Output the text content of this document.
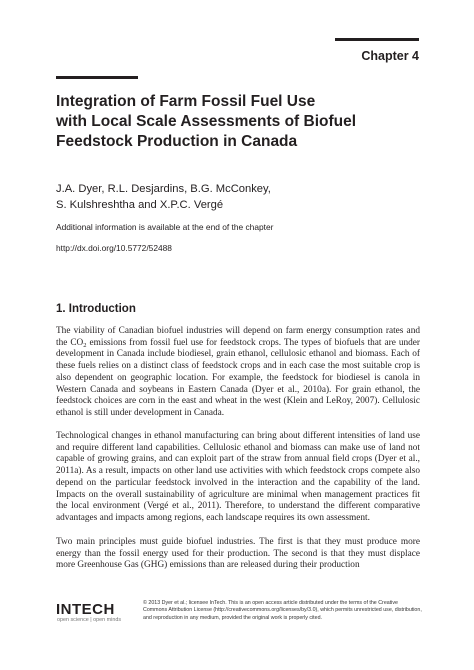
Chapter 4
Integration of Farm Fossil Fuel Use
with Local Scale Assessments of Biofuel
Feedstock Production in Canada
J.A. Dyer, R.L. Desjardins, B.G. McConkey,
S. Kulshreshtha and X.P.C. Vergé
Additional information is available at the end of the chapter
http://dx.doi.org/10.5772/52488
1. Introduction

The viability of Canadian biofuel industries will depend on farm energy consumption rates and the $CO_2$ emissions from fossil fuel use for feedstock crops. The types of biofuels that are under development in Canada include biodiesel, grain ethanol, cellulosic ethanol and biomass. Each of these fuels relies on a distinct class of feedstock crops and in each case the most suitable crop is also dependent on geographic location. For example, the feedstock for biodiesel is canola in Western Canada and soybeans in Eastern Canada (Dyer et al., 2010a). For grain ethanol, the feedstock choices are corn in the east and wheat in the west (Klein and LeRoy, 2007). Cellulosic ethanol is still under development in Canada.

Technological changes in ethanol manufacturing can bring about different intensities of land use and require different land capabilities. Cellulosic ethanol and biomass can make use of land not capable of growing grains, and can exploit part of the straw from annual field crops (Dyer et al., 2011a). As a result, impacts on other land use activities with which feedstock crops compete also depend on the particular feedstock involved in the interaction and the capability of the land. Impacts on the overall sustainability of agriculture are minimal when management practices fit the local environment (Vergé et al., 2011). Therefore, to understand the different comparative advantages and impacts among regions, each landscape requires its own assessment.

Two main principles must guide biofuel industries. The first is that they must produce more energy than the fossil energy used for their production. The second is that they must displace more Greenhouse Gas (GHG) emissions than are released during their production

INTECH
open science | open minds
© 2013 Dyer et al.; licensee InTech. This is an open access article distributed under the terms of the Creative Commons Attribution License (http://creativecommons.org/licenses/by/3.0), which permits unrestricted use, distribution, and reproduction in any medium, provided the original work is properly cited.
